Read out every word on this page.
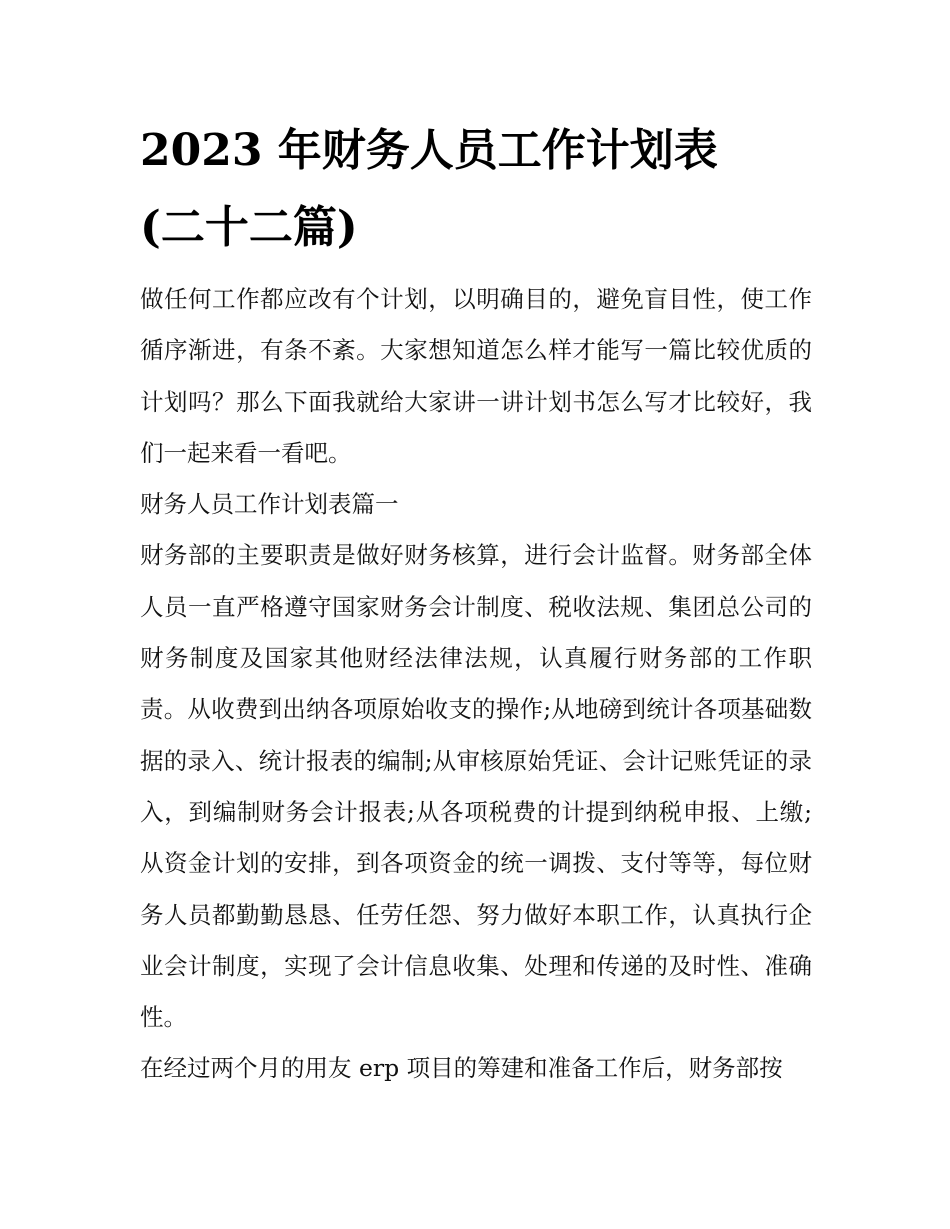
2023 年财务人员工作计划表
(二十二篇)

做任何工作都应改有个计划，以明确目的，避免盲目性，使工作循序渐进，有条不紊。大家想知道怎么样才能写一篇比较优质的计划吗？那么下面我就给大家讲一讲计划书怎么写才比较好，我们一起来看一看吧。

财务人员工作计划表篇一

财务部的主要职责是做好财务核算，进行会计监督。财务部全体人员一直严格遵守国家财务会计制度、税收法规、集团总公司的财务制度及国家其他财经法律法规，认真履行财务部的工作职责。从收费到出纳各项原始收支的操作;从地磅到统计各项基础数据的录入、统计报表的编制;从审核原始凭证、会计记账凭证的录入，到编制财务会计报表;从各项税费的计提到纳税申报、上缴;从资金计划的安排，到各项资金的统一调拨、支付等等，每位财务人员都勤勤恳恳、任劳任怨、努力做好本职工作，认真执行企业会计制度，实现了会计信息收集、处理和传递的及时性、准确性。

在经过两个月的用友 erp 项目的筹建和准备工作后，财务部按
